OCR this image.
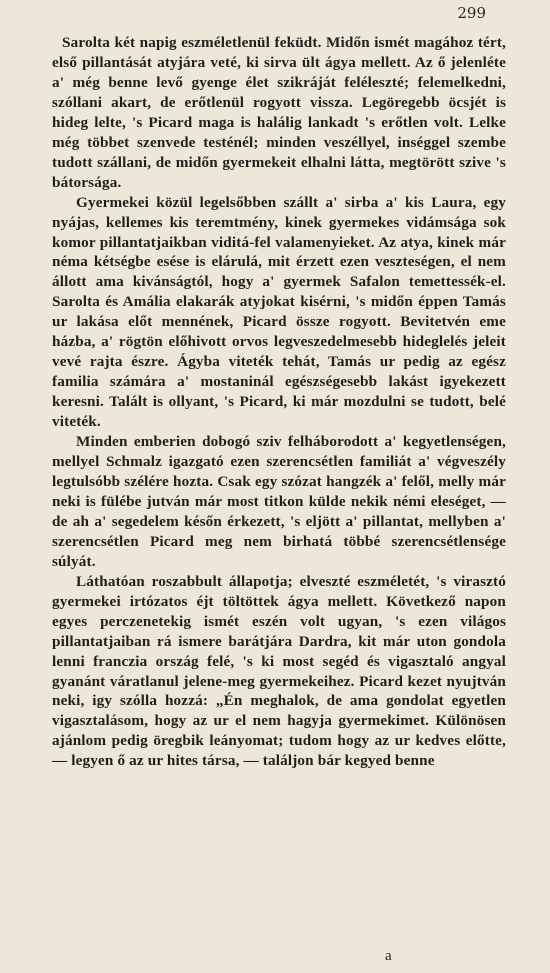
299

Sarolta két napig eszméletlenül feküdt. Midőn ismét magához tért, első pillantását atyjára veté, ki sirva ült ágya mellett. Az ő jelenléte a' még benne levő gyenge élet szikráját feléleszté; felemelkedni, szóllani akart, de erőtlenül rogyott vissza. Legöregebb öcsjét is hideg lelte, 's Picard maga is halálig lankadt 's erőtlen volt. Lelke még többet szenvede testénél; minden veszéllyel, inséggel szembe tudott szállani, de midőn gyermekeit elhalni látta, megtörött szive 's bátorsága.

Gyermekei közül legelsőbben szállt a' sirba a' kis Laura, egy nyájas, kellemes kis teremtmény, kinek gyermekes vidámsága sok komor pillantatjaikban viditá-fel valamenyieket. Az atya, kinek már néma kétségbe esése is elárulá, mit érzett ezen veszteségen, el nem állott ama kivánságtól, hogy a' gyermek Safalon temettessék-el. Sarolta és Amália elakarák atyjokat kisérni, 's midőn éppen Tamás ur lakása előt mennének, Picard össze rogyott. Bevitetvén eme házba, a' rögtön előhivott orvos legveszedelmesebb hideglelés jeleit vevé rajta észre. Ágyba viteték tehát, Tamás ur pedig az egész familia számára a' mostaninál egészségesebb lakást igyekezett keresni. Talált is ollyant, 's Picard, ki már mozdulni se tudott, belé viteték.

Minden emberien dobogó sziv felháborodott a' kegyetlenségen, mellyel Schmalz igazgató ezen szerencsétlen familiát a' végveszély legtulsóbb szélére hozta. Csak egy szózat hangzék a' felől, melly már neki is fülébe jutván már most titkon külde nekik némi eleséget, — de ah a' segedelem későn érkezett, 's eljött a' pillantat, mellyben a' szerencsétlen Picard meg nem birhatá többé szerencsétlensége súlyát.

Láthatóan roszabbult állapotja; elveszté eszméletét, 's virasztó gyermekei irtózatos éjt töltöttek ágya mellett. Következő napon egyes perczenetekig ismét eszén volt ugyan, 's ezen világos pillantatjaiban rá ismere barátjára Dardra, kit már uton gondola lenni franczia ország felé, 's ki most segéd és vigasztaló angyal gyanánt váratlanul jelene-meg gyermekeihez. Picard kezet nyujtván neki, igy szólla hozzá: „Én meghalok, de ama gondolat egyetlen vigasztalásom, hogy az ur el nem hagyja gyermekimet. Különösen ajánlom pedig öregbik leányomat; tudom hogy az ur kedves előtte, — legyen ő az ur hites társa, — találjon bár kegyed benne

a
